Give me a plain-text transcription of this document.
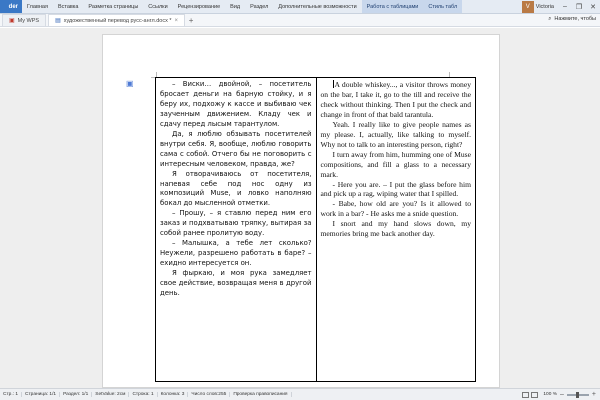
der	Главная	Вставка	Разметка страницы	Ссылки	Рецензирование	Вид	Раздел	Дополнительные возможности	Работа с таблицами	Стиль табл	V	Victoria	–	❐	✕
▣ My WPS	▤ художественный перевод русс-англ.docx * ×	+	⌕ Нажмите, чтобы
▣	– Виски… двойной, – посетитель бросает деньги на барную стойку, и я беру их, подхожу к кассе и выбиваю чек заученным движением. Кладу чек и сдачу перед лысым тарантулом.

Да, я люблю обзывать посетителей внутри себя. Я, вообще, люблю говорить сама с собой. Отчего бы не поговорить с интересным человеком, правда, же?

Я отворачиваюсь от посетителя, напевая себе под нос одну из композиций Muse, и ловко наполняю бокал до мысленной отметки.

– Прошу, – я ставлю перед ним его заказ и подхватываю тряпку, вытирая за собой ранее пролитую воду.

– Малышка, а тебе лет сколько? Неужели, разрешено работать в баре? – ехидно интересуется он.

Я фыркаю, и моя рука замедляет свое действие, возвращая меня в другой день.

A double whiskey..., a visitor throws money on the bar, I take it, go to the till and receive the check without thinking. Then I put the check and change in front of that bald tarantula.

Yeah. I really like to give people names as my please. I, actually, like talking to myself. Why not to talk to an interesting person, right?

I turn away from him, humming one of Muse compositions, and fill a glass to a necessary mark.

- Here you are. – I put the glass before him and pick up a rag, wiping water that I spilled.

- Babe, how old are you? Is it allowed to work in a bar? - He asks me a snide question.

I snort and my hand slows down, my memories bring me back another day.

Стр.: 1	Страница: 1/1	Раздел: 1/1	SetValue: 2см	Строка: 1	Колонка: 3	Число слов:255	Проверка правописания	100 % –	+
